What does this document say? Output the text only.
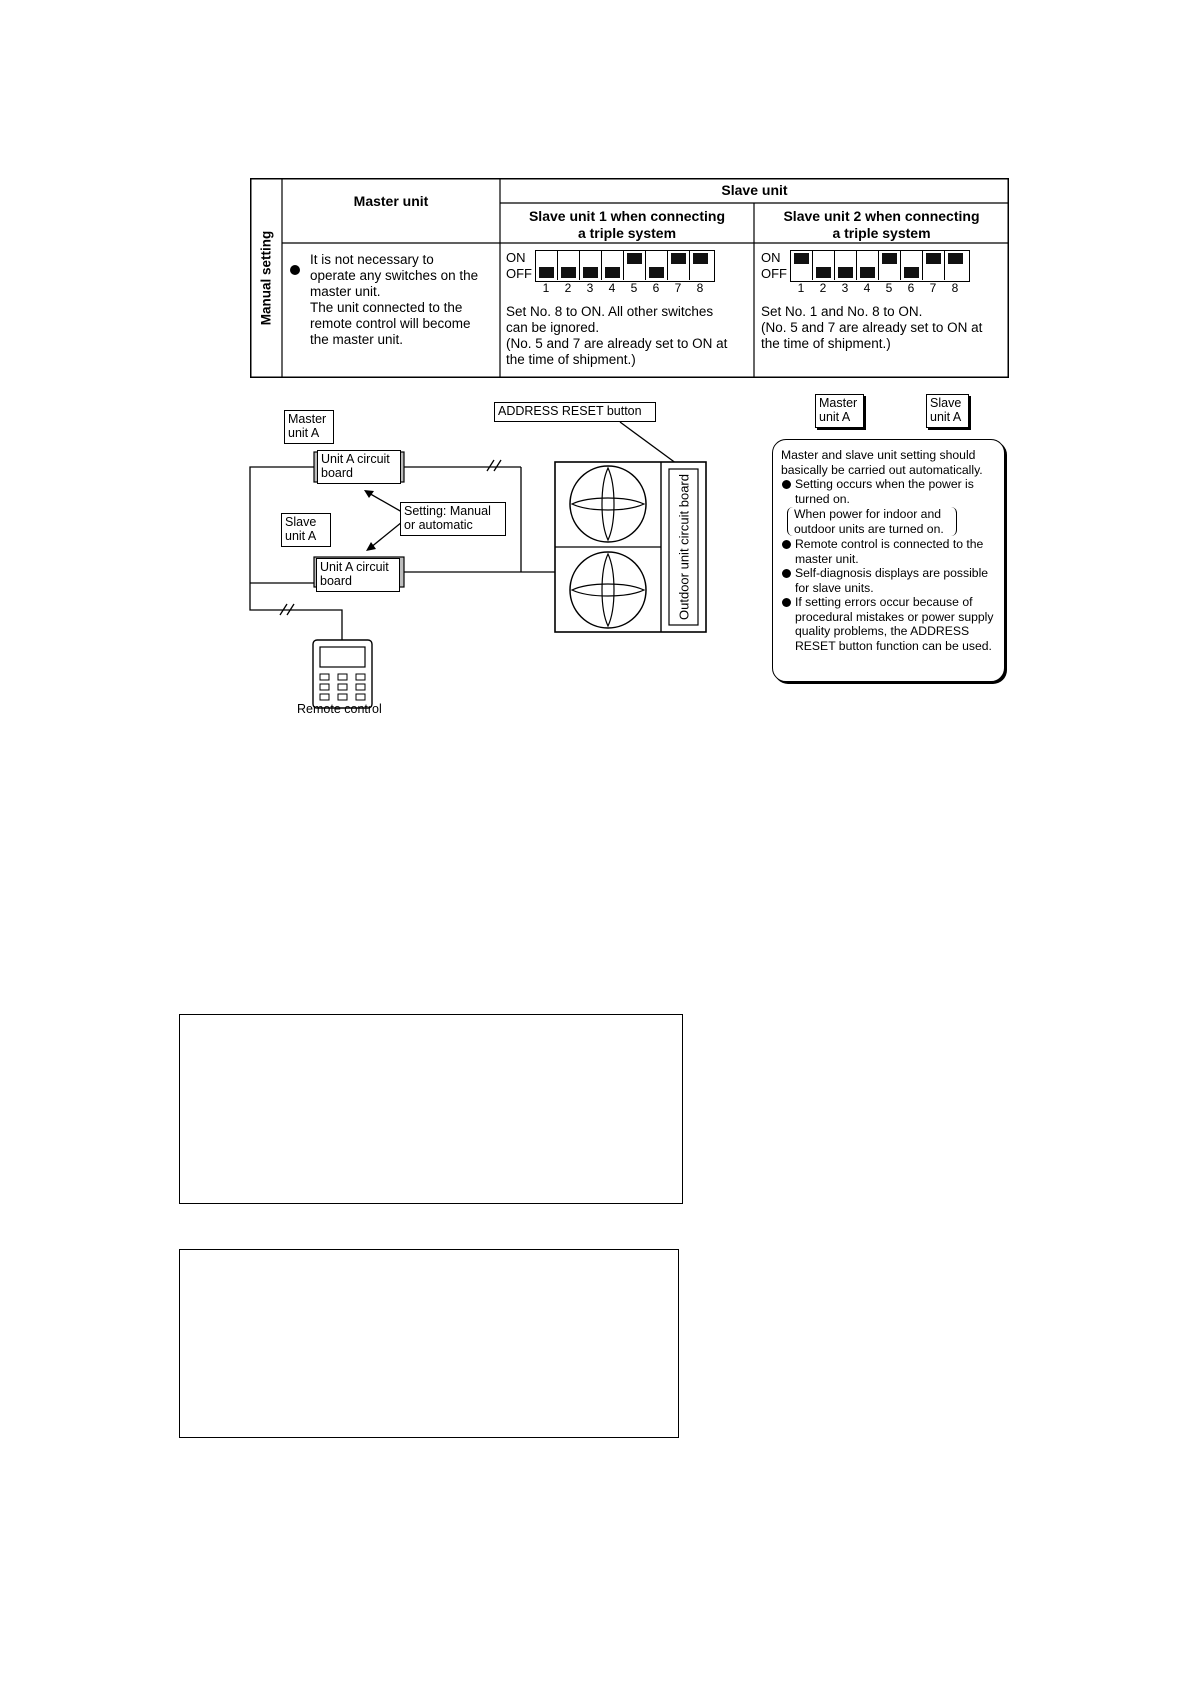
Manual setting
Master unit
Slave unit
Slave unit 1 when connecting
a triple system
Slave unit 2 when connecting
a triple system
It is not necessary to
operate any switches on the
master unit.
The unit connected to the
remote control will become
the master unit.
ON
OFF
1 2 3 4 5 6 7 8
Set No. 8 to ON. All other switches
can be ignored.
(No. 5 and 7 are already set to ON at
the time of shipment.)
ON
OFF
1 2 3 4 5 6 7 8
Set No. 1 and No. 8 to ON.
(No. 5 and 7 are already set to ON at
the time of shipment.)
Master
unit A
Unit A circuit
board
Slave
unit A
Setting: Manual
or automatic
Unit A circuit
board
ADDRESS RESET button
Outdoor unit circuit board
Remote control
Master
unit A
Slave
unit A

Master and slave unit setting should basically be carried out automatically.

Setting occurs when the power is turned on.
When power for indoor and
outdoor units are turned on.
Remote control is connected to the master unit.
Self-diagnosis displays are possible for slave units.
If setting errors occur because of procedural mistakes or power supply quality problems, the ADDRESS RESET button function can be used.
